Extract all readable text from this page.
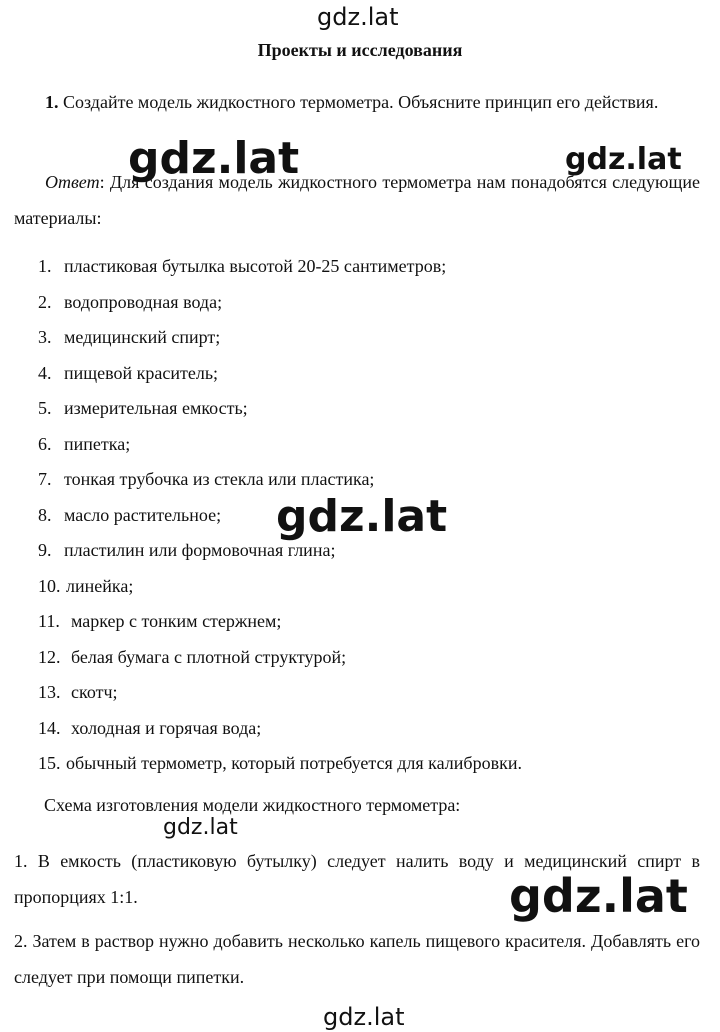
gdz.lat
Проекты и исследования
1. Создайте модель жидкостного термометра. Объясните принцип его действия.
Ответ: Для создания модель жидкостного термометра нам понадобятся следующие материалы:
1. пластиковая бутылка высотой 20-25 сантиметров;
2. водопроводная вода;
3. медицинский спирт;
4. пищевой краситель;
5. измерительная емкость;
6. пипетка;
7. тонкая трубочка из стекла или пластика;
8. масло растительное;
9. пластилин или формовочная глина;
10. линейка;
11. маркер с тонким стержнем;
12. белая бумага с плотной структурой;
13. скотч;
14. холодная и горячая вода;
15. обычный термометр, который потребуется для калибровки.
Схема изготовления модели жидкостного термометра:
1. В емкость (пластиковую бутылку) следует налить воду и медицинский спирт в пропорциях 1:1.
2. Затем в раствор нужно добавить несколько капель пищевого красителя. Добавлять его следует при помощи пипетки.
gdz.lat	gdz.lat
gdz.lat
gdz.lat
gdz.lat
gdz.lat
